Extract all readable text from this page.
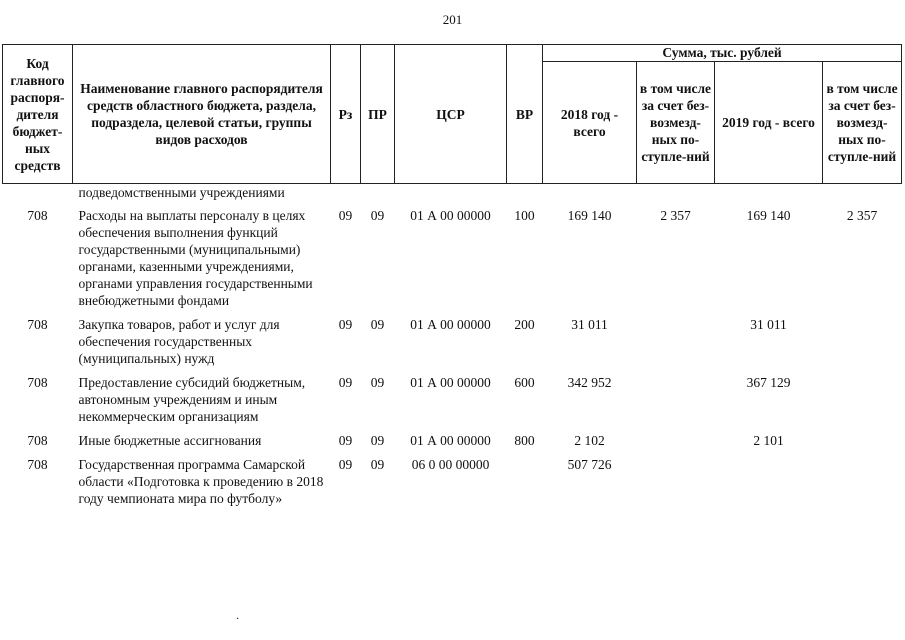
201
Код главного распоря-дителя бюджет-ных средств	Наименование главного распорядителя средств областного бюджета, раздела, подраздела, целевой статьи, группы видов расходов	Рз	ПР	ЦСР	ВР	Сумма, тыс. рублей			
						2018 год - всего	в том числе за счет без-возмезд-ных по-ступле-ний	2019 год - всего	в том числе за счет без-возмезд-ных по-ступле-ний
	подведомственными учреждениями								
708	Расходы на выплаты персоналу в целях обеспечения выполнения функций государственными (муниципальными) органами, казенными учреждениями, органами управления государственными внебюджетными фондами	09	09	01 А 00 00000	100	169 140	2 357	169 140	2 357
708	Закупка товаров, работ и услуг для обеспечения государственных (муниципальных) нужд	09	09	01 А 00 00000	200	31 011		31 011	
708	Предоставление субсидий бюджетным, автономным учреждениям и иным некоммерческим организациям	09	09	01 А 00 00000	600	342 952		367 129	
708	Иные бюджетные ассигнования	09	09	01 А 00 00000	800	2 102		2 101	
708	Государственная программа Самарской области «Подготовка к проведению в 2018 году чемпионата мира по футболу»	09	09	06 0 00 00000		507 726			
.
